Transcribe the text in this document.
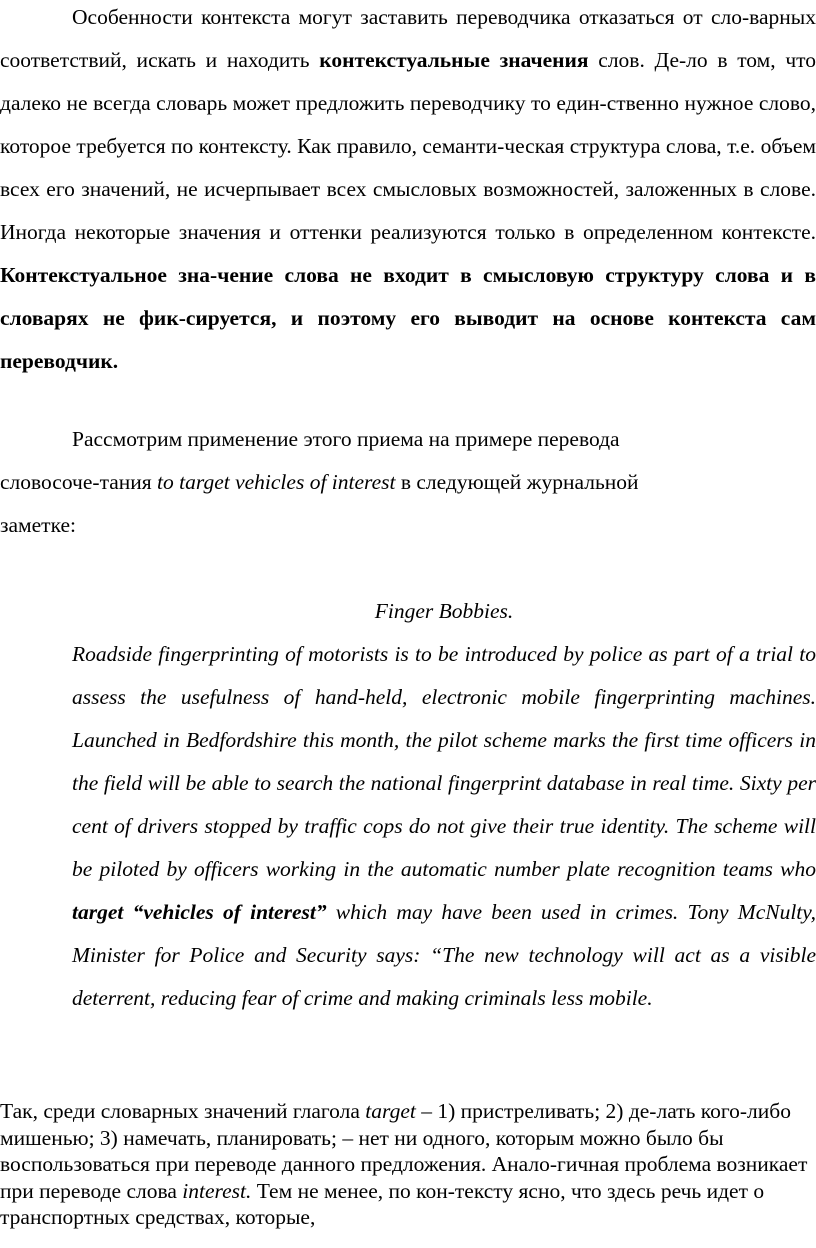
Особенности контекста могут заставить переводчика отказаться от сло-варных соответствий, искать и находить контекстуальные значения слов. Де-ло в том, что далеко не всегда словарь может предложить переводчику то един-ственно нужное слово, которое требуется по контексту. Как правило, семанти-ческая структура слова, т.е. объем всех его значений, не исчерпывает всех смысловых возможностей, заложенных в слове. Иногда некоторые значения и оттенки реализуются только в определенном контексте. Контекстуальное зна-чение слова не входит в смысловую структуру слова и в словарях не фик-сируется, и поэтому его выводит на основе контекста сам переводчик.

Рассмотрим применение этого приема на примере перевода
словосоче-тания to target vehicles of interest в следующей журнальной
заметке:

Finger Bobbies.

Roadside fingerprinting of motorists is to be introduced by police as part of a trial to assess the usefulness of hand-held, electronic mobile fingerprinting machines. Launched in Bedfordshire this month, the pilot scheme marks the first time officers in the field will be able to search the national fingerprint database in real time. Sixty per cent of drivers stopped by traffic cops do not give their true identity. The scheme will be piloted by officers working in the automatic number plate recognition teams who target “vehicles of interest” which may have been used in crimes. Tony McNulty, Minister for Police and Security says: “The new technology will act as a visible deterrent, reducing fear of crime and making criminals less mobile.

Так, среди словарных значений глагола target – 1) пристреливать; 2) де-лать кого-либо мишенью; 3) намечать, планировать; – нет ни одного, которым можно было бы воспользоваться при переводе данного предложения. Анало-гичная проблема возникает при переводе слова interest. Тем не менее, по кон-тексту ясно, что здесь речь идет о транспортных средствах, которые,
